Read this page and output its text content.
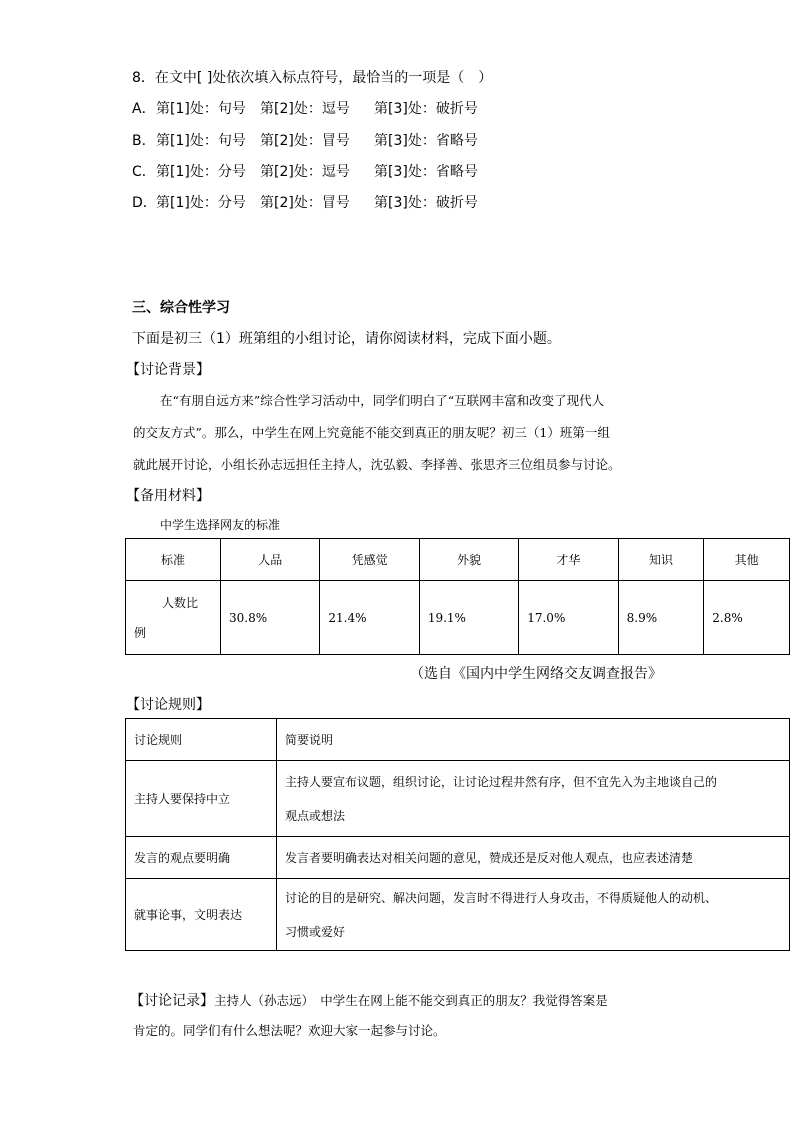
8．在文中[ ]处依次填入标点符号，最恰当的一项是（　）
A．第[1]处：句号 第[2]处：逗号 第[3]处：破折号
B．第[1]处：句号 第[2]处：冒号 第[3]处：省略号
C．第[1]处：分号 第[2]处：逗号 第[3]处：省略号
D．第[1]处：分号 第[2]处：冒号 第[3]处：破折号
三、综合性学习
下面是初三（1）班第组的小组讨论，请你阅读材料，完成下面小题。
【讨论背景】
在“有朋自远方来”综合性学习活动中，同学们明白了“互联网丰富和改变了现代人
的交友方式”。那么，中学生在网上究竟能不能交到真正的朋友呢？初三（1）班第一组
就此展开讨论，小组长孙志远担任主持人，沈弘毅、李择善、张思齐三位组员参与讨论。
【备用材料】
中学生选择网友的标准
标准	人品	凭感觉	外貌	才华	知识	其他

人数比
例	30.8%	21.4%	19.1%	17.0%	8.9%	2.8%
（选自《国内中学生网络交友调查报告》
【讨论规则】
讨论规则	简要说明
主持人要保持中立	主持人要宣布议题，组织讨论，让讨论过程井然有序，但不宜先入为主地谈自己的
观点或想法

发言的观点要明确	发言者要明确表达对相关问题的意见，赞成还是反对他人观点，也应表述清楚

就事论事，文明表达	讨论的目的是研究、解决问题，发言时不得进行人身攻击，不得质疑他人的动机、
习惯或爱好
【讨论记录】主持人（孙志远）　中学生在网上能不能交到真正的朋友？我觉得答案是
肯定的。同学们有什么想法呢？欢迎大家一起参与讨论。
